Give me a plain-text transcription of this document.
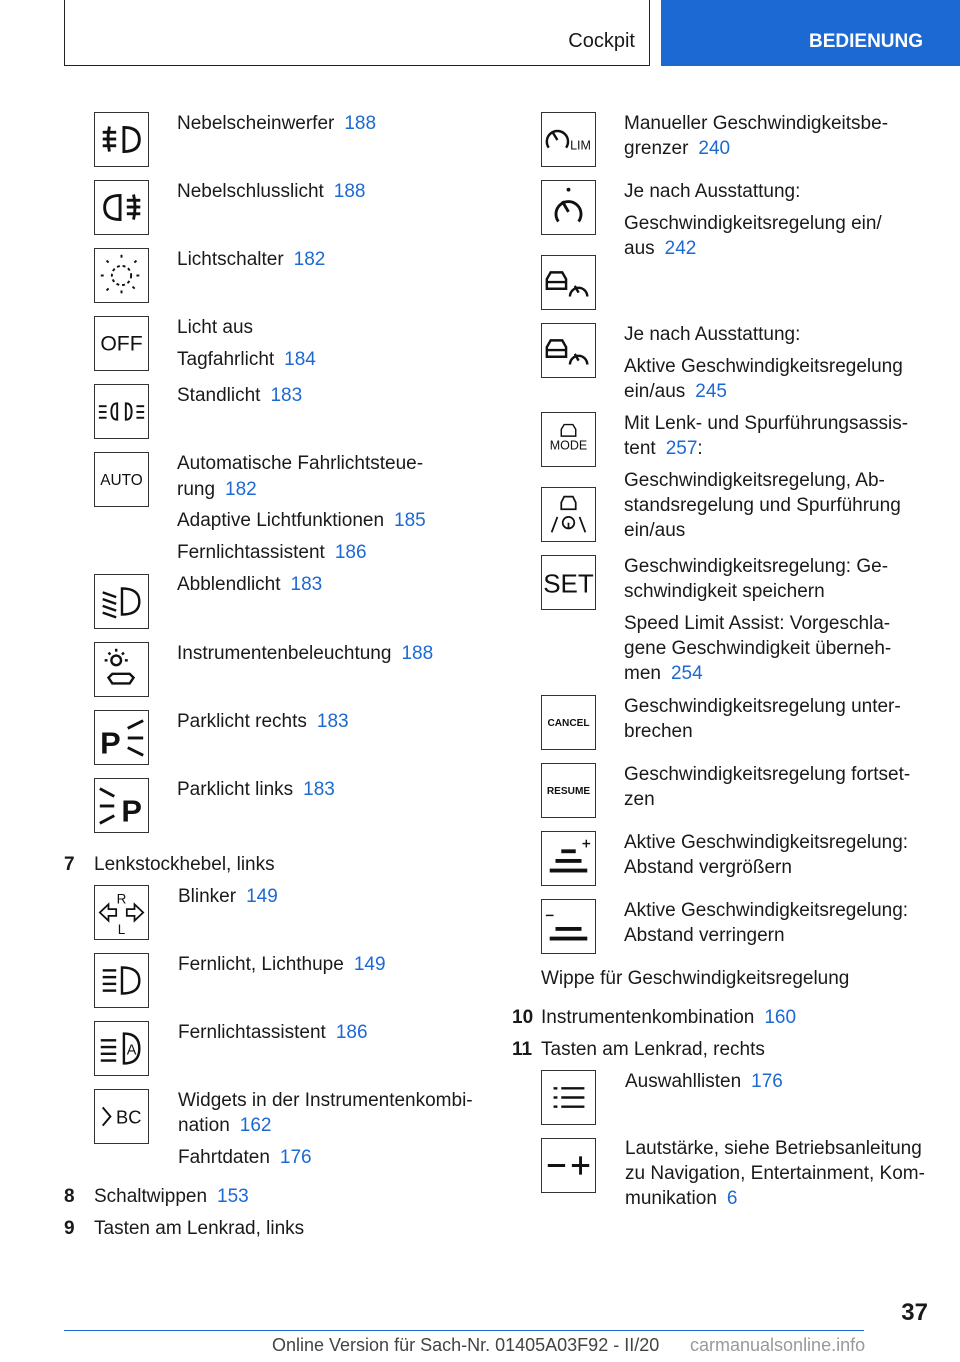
Cockpit	BEDIENUNG
OFF
AUTO
P
P
R
L
A
BC
Nebelscheinwerfer 188
Nebelschlusslicht 188
Lichtschalter 182
Licht aus
Tagfahrlicht 184
Standlicht 183
Automatische Fahrlichtsteue-
rung 182
Adaptive Lichtfunktionen 185
Fernlichtassistent 186
Abblendlicht 183
Instrumentenbeleuchtung 188
Parklicht rechts 183
Parklicht links 183
7 Lenkstockhebel, links
Blinker 149
Fernlicht, Lichthupe 149
Fernlichtassistent 186
Widgets in der Instrumentenkombi-
nation 162
Fahrtdaten 176
8 Schaltwippen 153
9 Tasten am Lenkrad, links
LIM
MODE
SET
CANCEL
RESUME
Manueller Geschwindigkeitsbe-
grenzer 240
Je nach Ausstattung:
Geschwindigkeitsregelung ein/
aus 242
Je nach Ausstattung:
Aktive Geschwindigkeitsregelung
ein/aus 245
Mit Lenk- und Spurführungsassis-
tent 257:
Geschwindigkeitsregelung, Ab-
standsregelung und Spurführung
ein/aus
Geschwindigkeitsregelung: Ge-
schwindigkeit speichern
Speed Limit Assist: Vorgeschla-
gene Geschwindigkeit überneh-
men 254
Geschwindigkeitsregelung unter-
brechen
Geschwindigkeitsregelung fortset-
zen
Aktive Geschwindigkeitsregelung:
Abstand vergrößern
Aktive Geschwindigkeitsregelung:
Abstand verringern
Wippe für Geschwindigkeitsregelung
10 Instrumentenkombination 160
11 Tasten am Lenkrad, rechts
Auswahllisten 176
Lautstärke, siehe Betriebsanleitung
zu Navigation, Entertainment, Kom-
munikation 6
37
Online Version für Sach-Nr. 01405A03F92 - II/20 carmanualsonline.info
